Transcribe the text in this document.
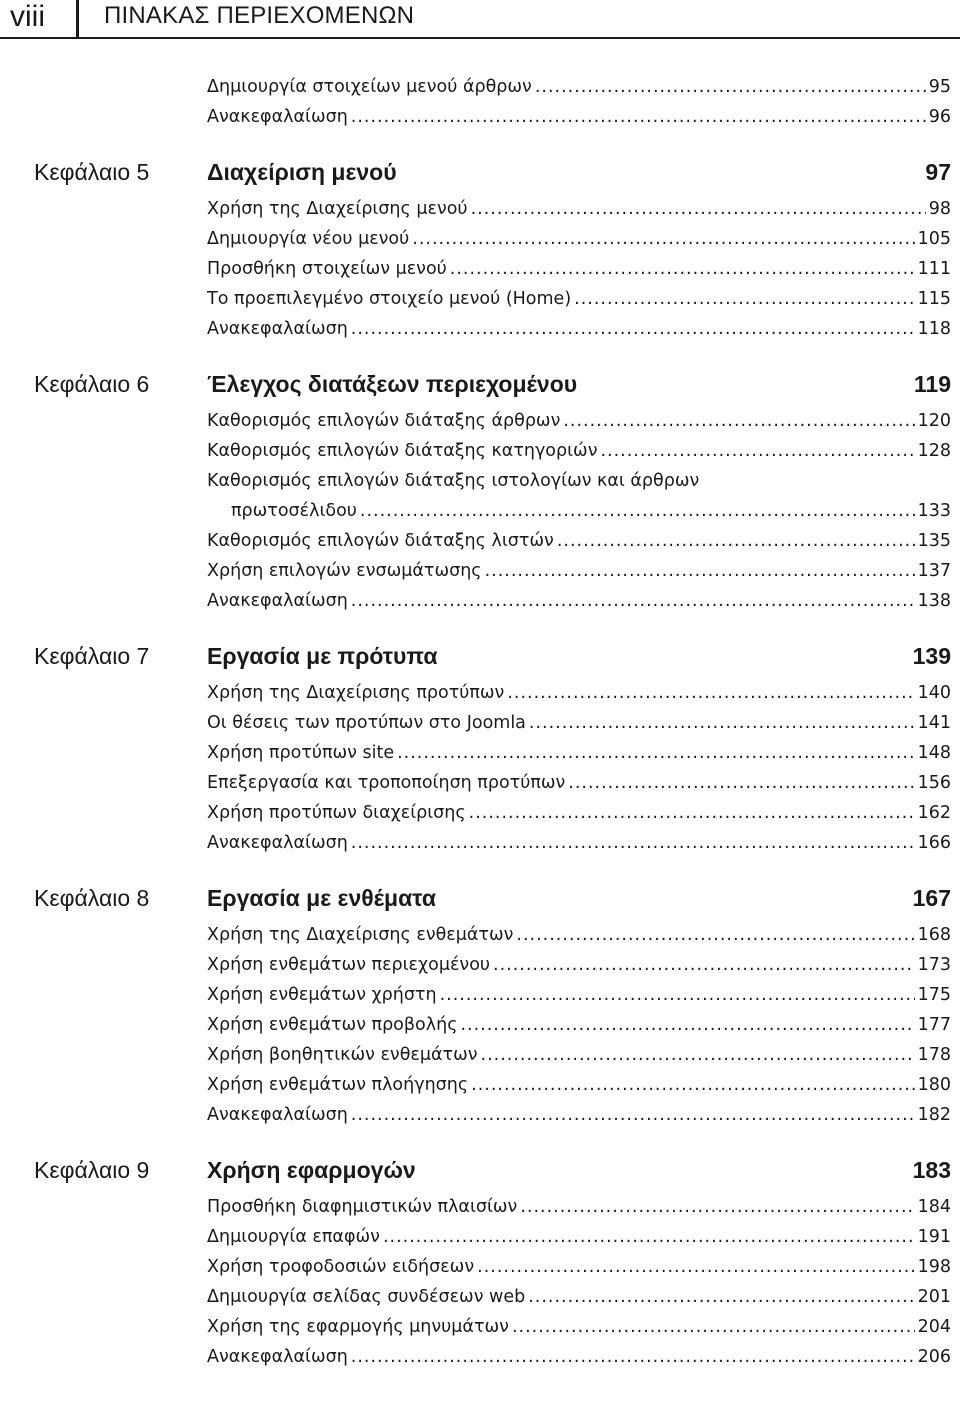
viii	ΠΙΝΑΚΑΣ ΠΕΡΙΕΧΟΜΕΝΩΝ
Δημιουργία στοιχείων μενού άρθρων .....	95
Ανακεφαλαίωση .....	96
Κεφάλαιο 5	Διαχείριση μενού	97
Χρήση της Διαχείρισης μενού .....	98
Δημιουργία νέου μενού .....	105
Προσθήκη στοιχείων μενού .....	111
Το προεπιλεγμένο στοιχείο μενού (Home) .....	115
Ανακεφαλαίωση .....	118
Κεφάλαιο 6	Έλεγχος διατάξεων περιεχομένου	119
Καθορισμός επιλογών διάταξης άρθρων .....	120
Καθορισμός επιλογών διάταξης κατηγοριών .....	128
Καθορισμός επιλογών διάταξης ιστολογίων και άρθρων
πρωτοσέλιδου .....	133
Καθορισμός επιλογών διάταξης λιστών .....	135
Χρήση επιλογών ενσωμάτωσης .....	137
Ανακεφαλαίωση .....	138
Κεφάλαιο 7	Εργασία με πρότυπα	139
Χρήση της Διαχείρισης προτύπων .....	140
Οι θέσεις των προτύπων στο Joomla .....	141
Χρήση προτύπων site .....	148
Επεξεργασία και τροποποίηση προτύπων .....	156
Χρήση προτύπων διαχείρισης .....	162
Ανακεφαλαίωση .....	166
Κεφάλαιο 8	Εργασία με ενθέματα	167
Χρήση της Διαχείρισης ενθεμάτων .....	168
Χρήση ενθεμάτων περιεχομένου .....	173
Χρήση ενθεμάτων χρήστη .....	175
Χρήση ενθεμάτων προβολής .....	177
Χρήση βοηθητικών ενθεμάτων .....	178
Χρήση ενθεμάτων πλοήγησης .....	180
Ανακεφαλαίωση .....	182
Κεφάλαιο 9	Χρήση εφαρμογών	183
Προσθήκη διαφημιστικών πλαισίων .....	184
Δημιουργία επαφών .....	191
Χρήση τροφοδοσιών ειδήσεων .....	198
Δημιουργία σελίδας συνδέσεων web .....	201
Χρήση της εφαρμογής μηνυμάτων .....	204
Ανακεφαλαίωση .....	206
